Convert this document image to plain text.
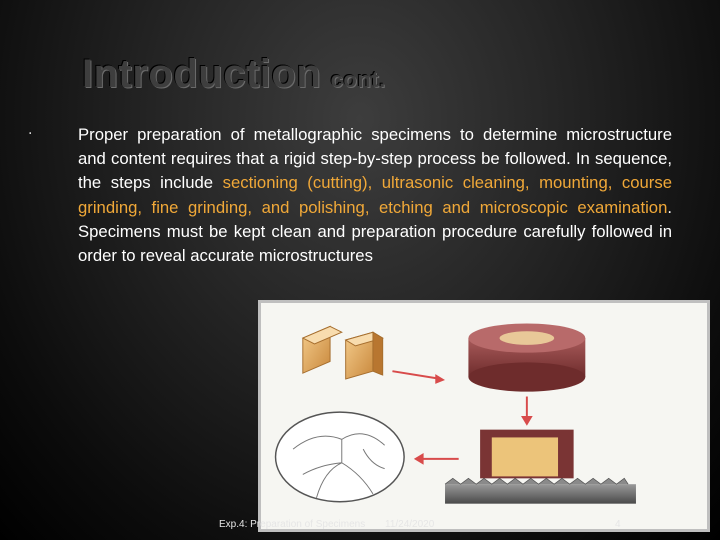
Introduction cont.
·	Proper preparation of metallographic specimens to determine microstructure and content requires that a rigid step-by-step process be followed. In sequence, the steps include sectioning (cutting), ultrasonic cleaning, mounting, course grinding, fine grinding, and polishing, etching and microscopic examination. Specimens must be kept clean and preparation procedure carefully followed in order to reveal accurate microstructures

Exp.4: Preparation of Specimens 11/24/2020	4
